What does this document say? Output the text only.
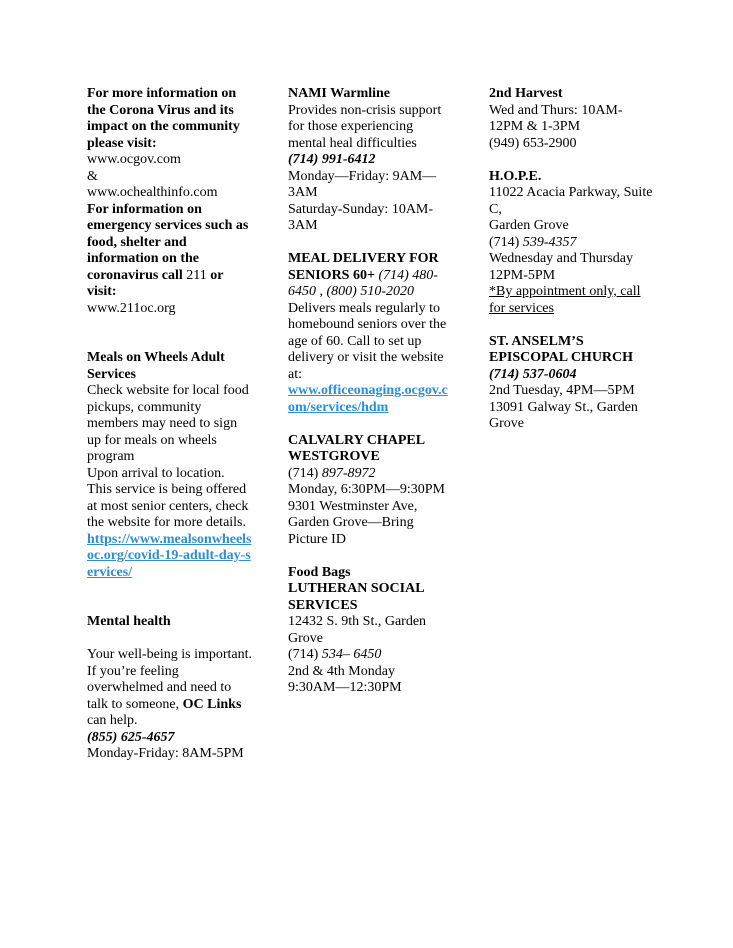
For more information on the Corona Virus and its impact on the community please visit:

www.ocgov.com

&

www.ochealthinfo.com

For information on emergency services such as food, shelter and information on the coronavirus call 211 or visit:

www.211oc.org

Meals on Wheels Adult Services

Check website for local food pickups, community members may need to sign up for meals on wheels program

Upon arrival to location. This service is being offered at most senior centers, check the website for more details.

https://www.mealsonwheelsoc.org/covid-19-adult-day-services/

Mental health

Your well-being is important.

If you’re feeling overwhelmed and need to talk to someone, OC Links can help.

(855) 625-4657

Monday-Friday: 8AM-5PM

NAMI Warmline

Provides non-crisis support for those experiencing mental heal difficulties

(714) 991-6412

Monday—Friday: 9AM—3AM

Saturday-Sunday: 10AM-3AM

MEAL DELIVERY FOR SENIORS 60+ (714) 480-6450 , (800) 510-2020

Delivers meals regularly to homebound seniors over the age of 60. Call to set up delivery or visit the website at:

www.officeonaging.ocgov.com/services/hdm

CALVALRY CHAPEL WESTGROVE

(714) 897-8972

Monday, 6:30PM—9:30PM

9301 Westminster Ave, Garden Grove—Bring Picture ID

Food Bags

LUTHERAN SOCIAL SERVICES

12432 S. 9th St., Garden Grove

(714) 534– 6450

2nd & 4th Monday

9:30AM—12:30PM

2nd Harvest

Wed and Thurs: 10AM-12PM & 1-3PM

(949) 653-2900

H.O.P.E.

11022 Acacia Parkway, Suite C,

Garden Grove

(714) 539-4357

Wednesday and Thursday 12PM-5PM

*By appointment only, call for services

ST. ANSELM’S EPISCOPAL CHURCH

(714) 537-0604

2nd Tuesday, 4PM—5PM

13091 Galway St., Garden Grove
